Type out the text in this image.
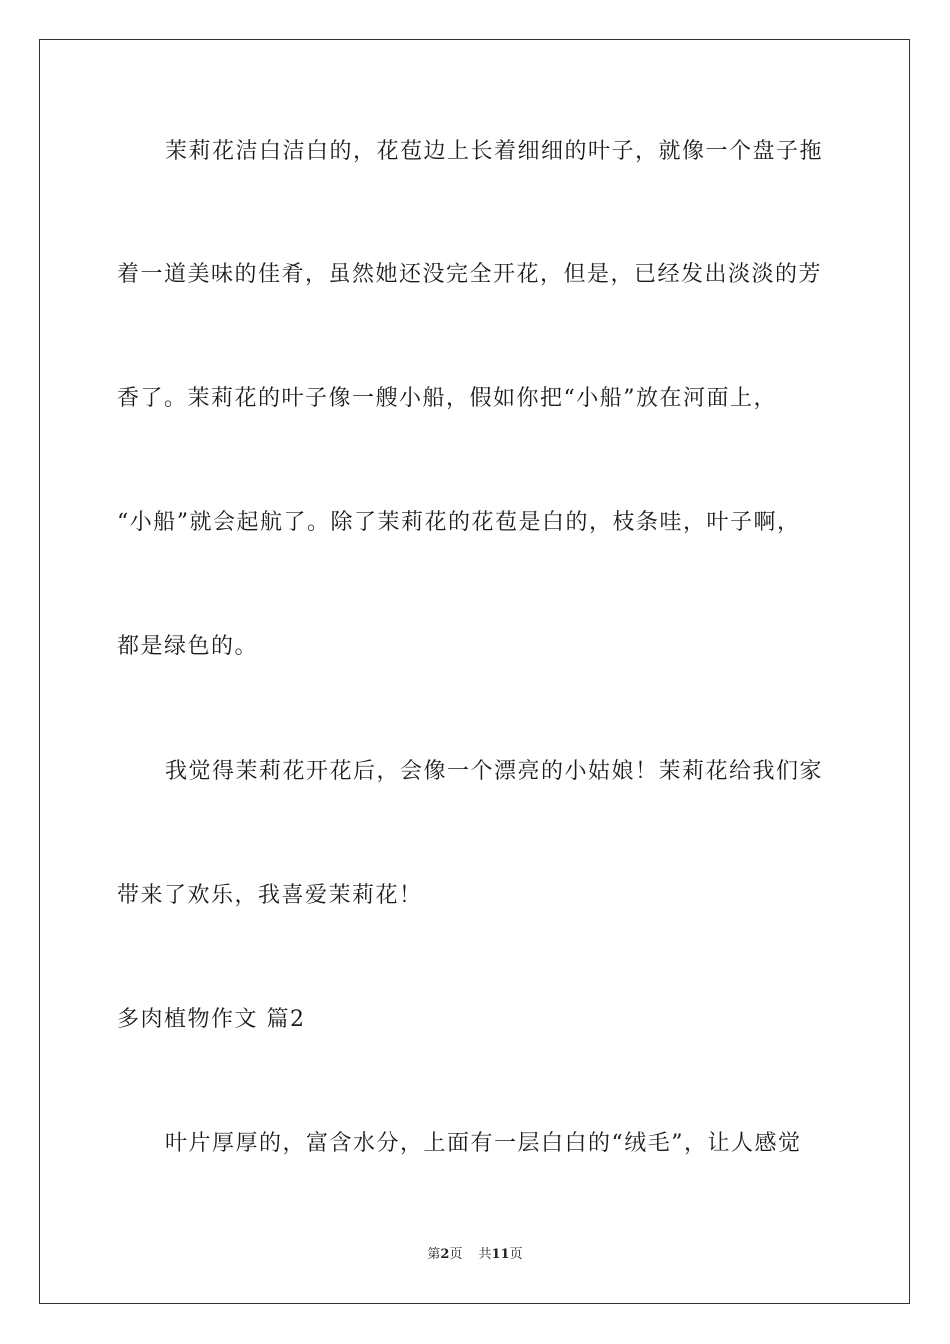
茉莉花洁白洁白的，花苞边上长着细细的叶子，就像一个盘子拖
着一道美味的佳肴，虽然她还没完全开花，但是，已经发出淡淡的芳
香了。茉莉花的叶子像一艘小船，假如你把“小船”放在河面上，
“小船”就会起航了。除了茉莉花的花苞是白的，枝条哇，叶子啊，
都是绿色的。
我觉得茉莉花开花后，会像一个漂亮的小姑娘！茉莉花给我们家
带来了欢乐，我喜爱茉莉花！
多肉植物作文 篇2
叶片厚厚的，富含水分，上面有一层白白的“绒毛”，让人感觉
第2页 共11页
